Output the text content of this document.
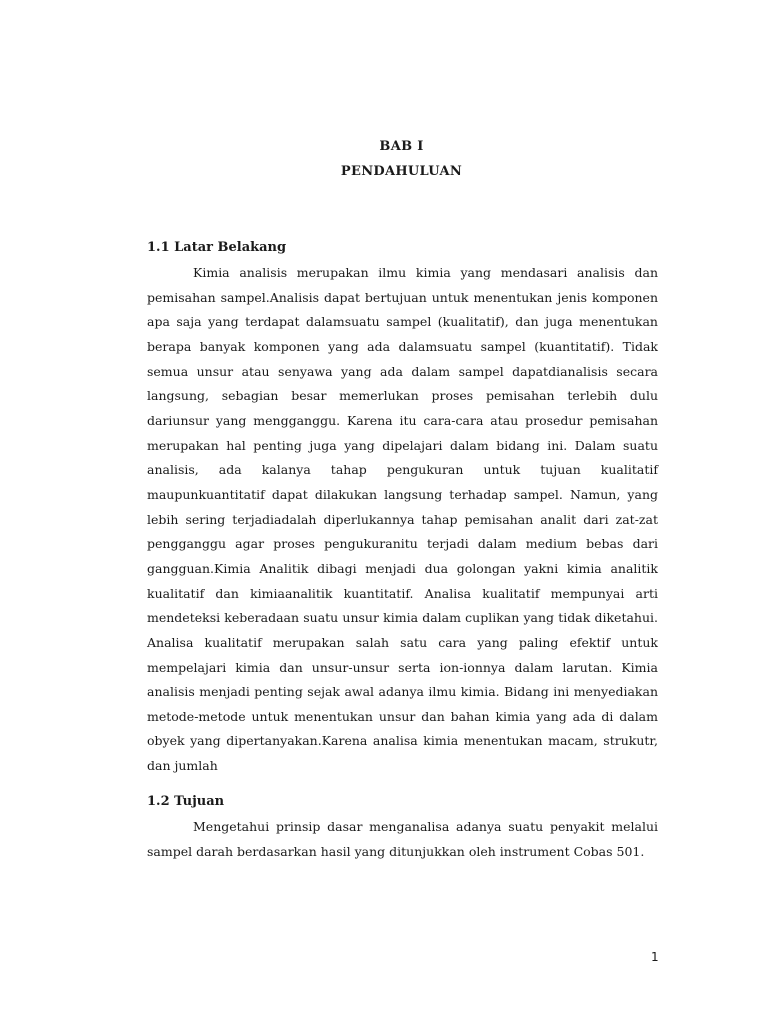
BAB I
PENDAHULUAN
1.1 Latar Belakang

Kimia analisis merupakan ilmu kimia yang mendasari analisis dan pemisahan sampel.Analisis dapat bertujuan untuk menentukan jenis komponen apa saja yang terdapat dalamsuatu sampel (kualitatif), dan juga menentukan berapa banyak komponen yang ada dalamsuatu sampel (kuantitatif). Tidak semua unsur atau senyawa yang ada dalam sampel dapatdianalisis secara langsung, sebagian besar memerlukan proses pemisahan terlebih dulu dariunsur yang mengganggu. Karena itu cara-cara atau prosedur pemisahan merupakan hal penting juga yang dipelajari dalam bidang ini. Dalam suatu analisis, ada kalanya tahap pengukuran untuk tujuan kualitatif maupunkuantitatif dapat dilakukan langsung terhadap sampel. Namun, yang lebih sering terjadiadalah diperlukannya tahap pemisahan analit dari zat-zat pengganggu agar proses pengukuranitu terjadi dalam medium bebas dari gangguan.Kimia Analitik dibagi menjadi dua golongan yakni kimia analitik kualitatif dan kimiaanalitik kuantitatif. Analisa kualitatif mempunyai arti mendeteksi keberadaan suatu unsur kimia dalam cuplikan yang tidak diketahui. Analisa kualitatif merupakan salah satu cara yang paling efektif untuk mempelajari kimia dan unsur-unsur serta ion-ionnya dalam larutan. Kimia analisis menjadi penting sejak awal adanya ilmu kimia. Bidang ini menyediakan metode-metode untuk menentukan unsur dan bahan kimia yang ada di dalam obyek yang dipertanyakan.Karena analisa kimia menentukan macam, strukutr, dan jumlah

1.2 Tujuan

Mengetahui prinsip dasar menganalisa adanya suatu penyakit melalui sampel darah berdasarkan hasil yang ditunjukkan oleh instrument Cobas 501.

1
